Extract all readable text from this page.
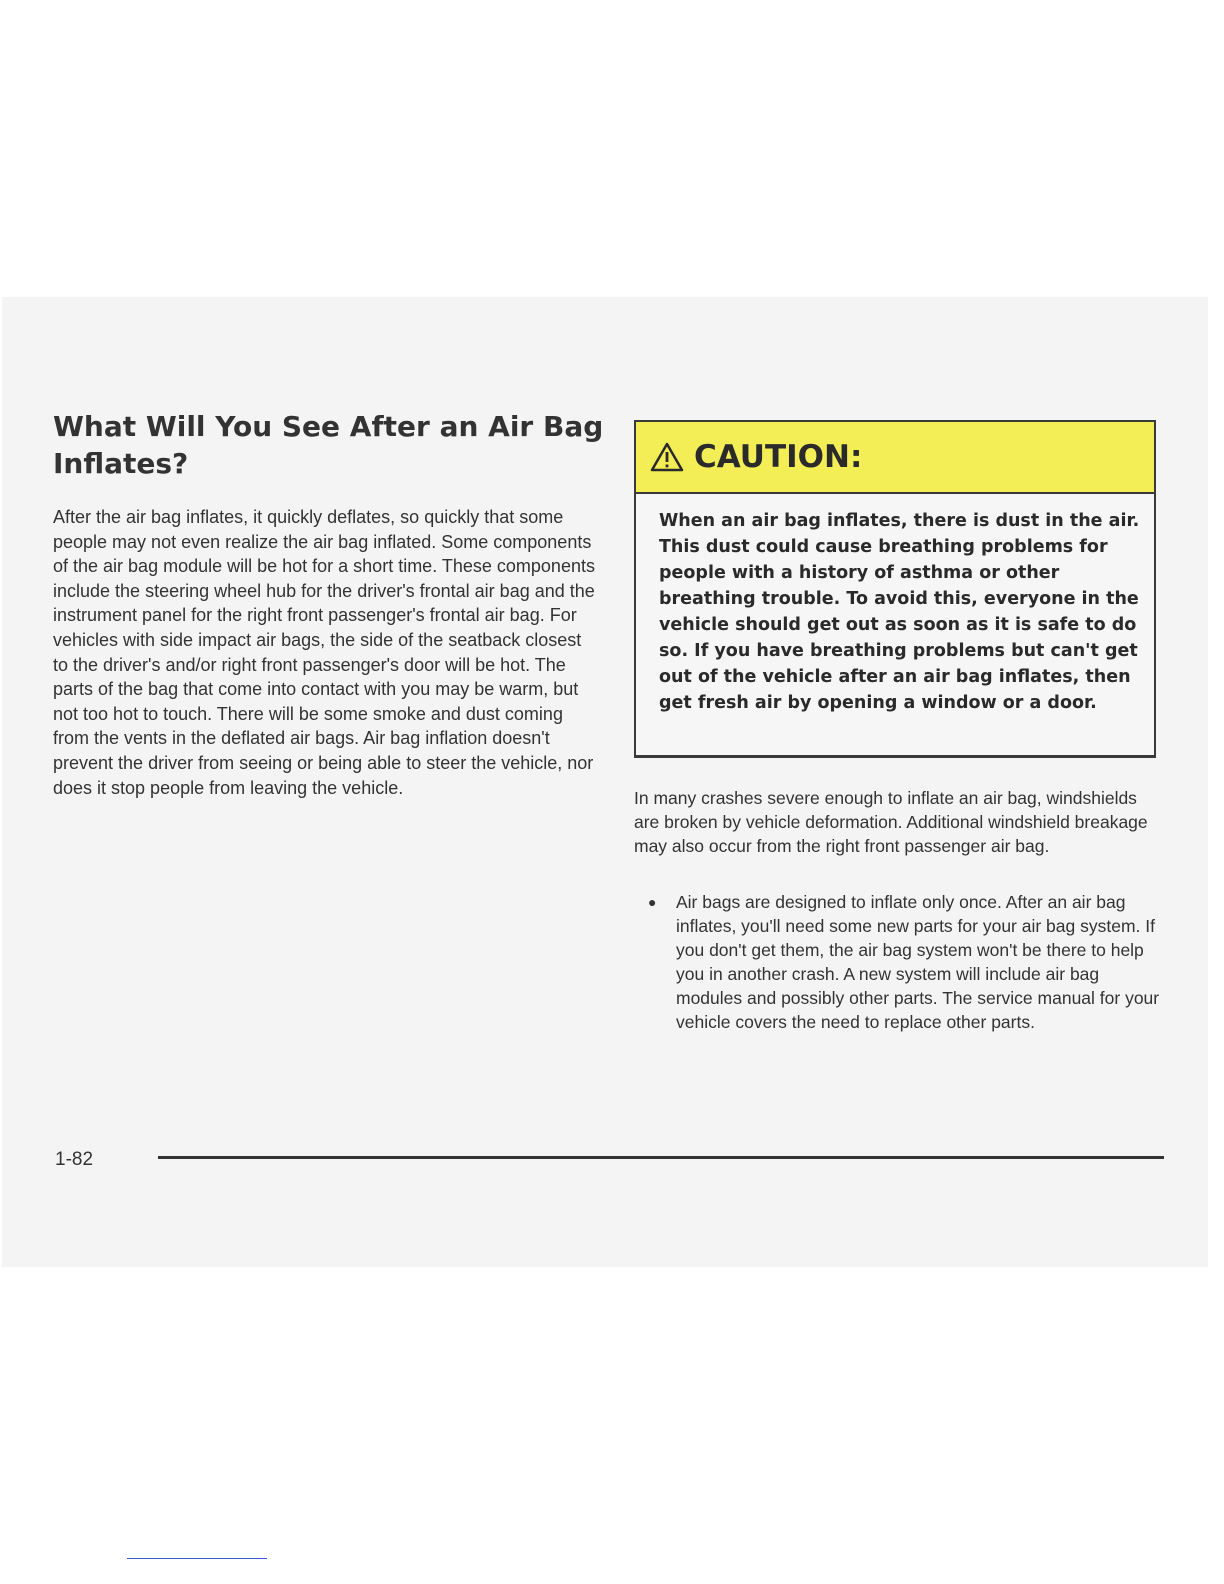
What Will You See After an Air Bag Inflates?

After the air bag inflates, it quickly deflates, so quickly that some people may not even realize the air bag inflated. Some components of the air bag module will be hot for a short time. These components include the steering wheel hub for the driver's frontal air bag and the instrument panel for the right front passenger's frontal air bag. For vehicles with side impact air bags, the side of the seatback closest to the driver's and/or right front passenger's door will be hot. The parts of the bag that come into contact with you may be warm, but not too hot to touch. There will be some smoke and dust coming from the vents in the deflated air bags. Air bag inflation doesn't prevent the driver from seeing or being able to steer the vehicle, nor does it stop people from leaving the vehicle.

CAUTION:

When an air bag inflates, there is dust in the air. This dust could cause breathing problems for people with a history of asthma or other breathing trouble. To avoid this, everyone in the vehicle should get out as soon as it is safe to do so. If you have breathing problems but can't get out of the vehicle after an air bag inflates, then get fresh air by opening a window or a door.

In many crashes severe enough to inflate an air bag, windshields are broken by vehicle deformation. Additional windshield breakage may also occur from the right front passenger air bag.

●	Air bags are designed to inflate only once. After an air bag inflates, you'll need some new parts for your air bag system. If you don't get them, the air bag system won't be there to help you in another crash. A new system will include air bag modules and possibly other parts. The service manual for your vehicle covers the need to replace other parts.
1-82
